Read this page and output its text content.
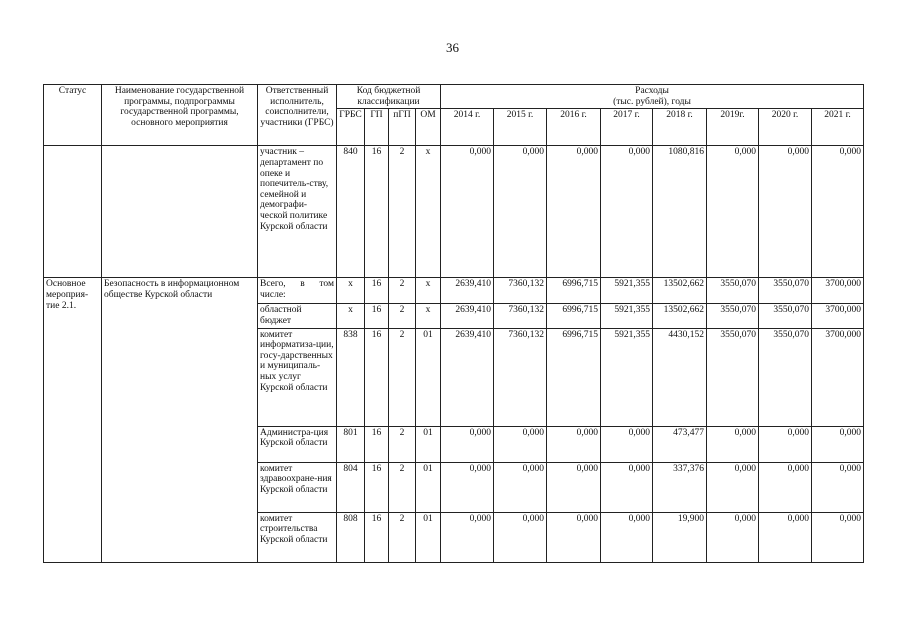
36
Статус	Наименование государственной программы, подпрограммы государственной программы, основного мероприятия	Ответственный исполнитель, соисполнители, участники (ГРБС)	Код бюджетной классификации				Расходы
(тыс. рублей), годы							

			ГРБС	ГП	пГП	ОМ	2014 г.	2015 г.	2016 г.	2017 г.	2018 г.	2019г.	2020 г.	2021 г.
		участник – департамент по опеке и попечитель-ству, семейной и демографи-ческой политике Курской области	840	16	2	х	0,000	0,000	0,000	0,000	1080,816	0,000	0,000	0,000
Основное мероприя-тие 2.1.	Безопасность в информационном обществе Курской области	Всего, в том числе:	х	16	2	х	2639,410	7360,132	6996,715	5921,355	13502,662	3550,070	3550,070	3700,000
		областной бюджет	х	16	2	х	2639,410	7360,132	6996,715	5921,355	13502,662	3550,070	3550,070	3700,000
		комитет информатиза-ции, госу-дарственных и муниципаль-ных услуг Курской области	838	16	2	01	2639,410	7360,132	6996,715	5921,355	4430,152	3550,070	3550,070	3700,000
		Администра-ция Курской области	801	16	2	01	0,000	0,000	0,000	0,000	473,477	0,000	0,000	0,000
		комитет здравоохране-ния Курской области	804	16	2	01	0,000	0,000	0,000	0,000	337,376	0,000	0,000	0,000
		комитет строительства Курской области	808	16	2	01	0,000	0,000	0,000	0,000	19,900	0,000	0,000	0,000
